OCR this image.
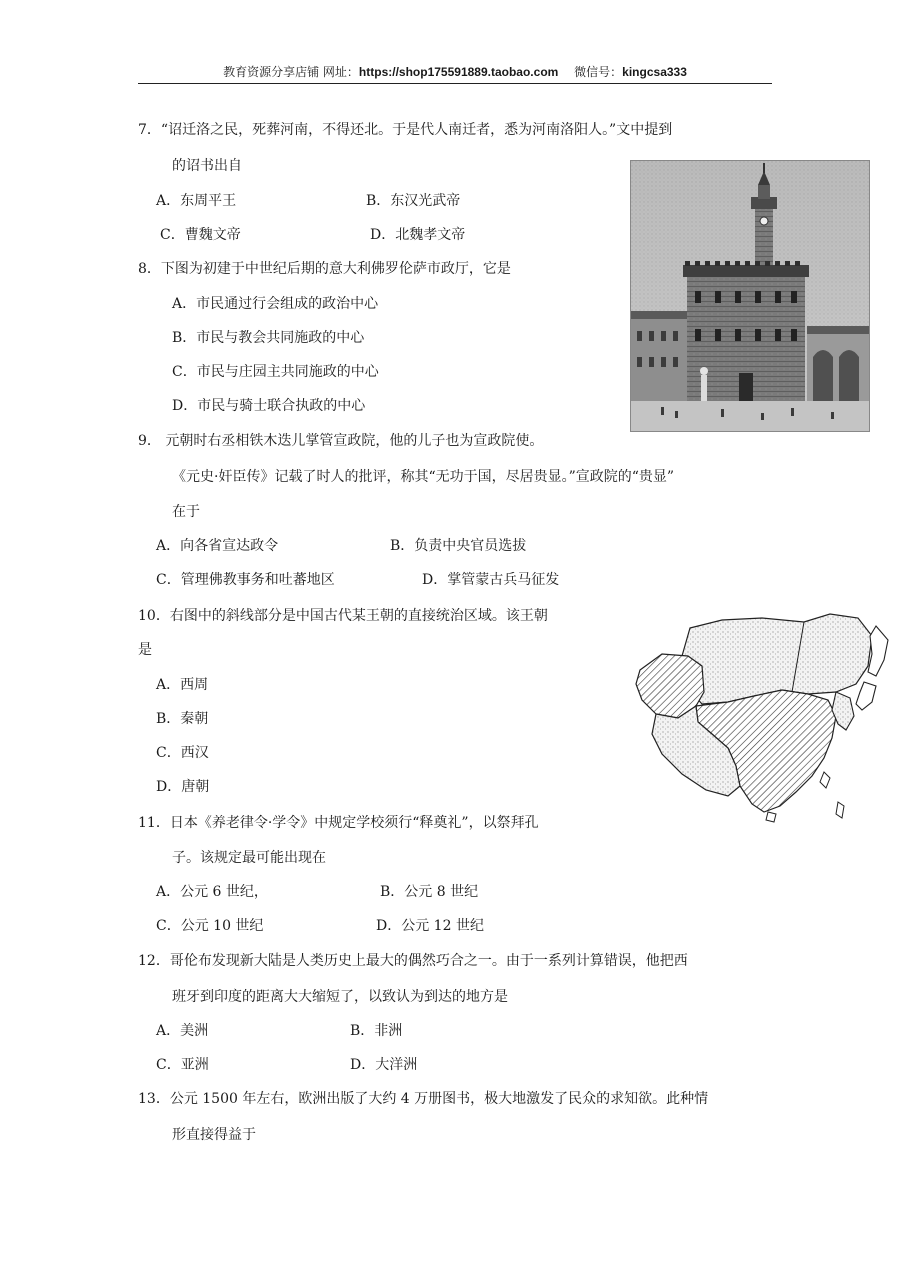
教育资源分享店铺 网址：https://shop175591889.taobao.com 微信号：kingcsa333
7．“诏迁洛之民，死葬河南，不得还北。于是代人南迁者，悉为河南洛阳人。”文中提到
的诏书出自
A．东周平王	B．东汉光武帝
C．曹魏文帝	D．北魏孝文帝
8．下图为初建于中世纪后期的意大利佛罗伦萨市政厅，它是
A．市民通过行会组成的政治中心
B．市民与教会共同施政的中心
C．市民与庄园主共同施政的中心
D．市民与骑士联合执政的中心
9． 元朝时右丞相铁木迭儿掌管宣政院，他的儿子也为宣政院使。
《元史·奸臣传》记载了时人的批评，称其“无功于国，尽居贵显。”宣政院的“贵显”
在于
A．向各省宣达政令	B．负责中央官员选拔
C．管理佛教事务和吐蕃地区	D．掌管蒙古兵马征发
10．右图中的斜线部分是中国古代某王朝的直接统治区域。该王朝
是
A．西周
B．秦朝
C．西汉
D．唐朝
11．日本《养老律令·学令》中规定学校须行“释奠礼”，以祭拜孔
子。该规定最可能出现在
A．公元 6 世纪，	B．公元 8 世纪
C．公元 10 世纪	D．公元 12 世纪
12．哥伦布发现新大陆是人类历史上最大的偶然巧合之一。由于一系列计算错误，他把西
班牙到印度的距离大大缩短了，以致认为到达的地方是
A．美洲	B．非洲
C．亚洲	D．大洋洲
13．公元 1500 年左右，欧洲出版了大约 4 万册图书，极大地激发了民众的求知欲。此种情
形直接得益于
